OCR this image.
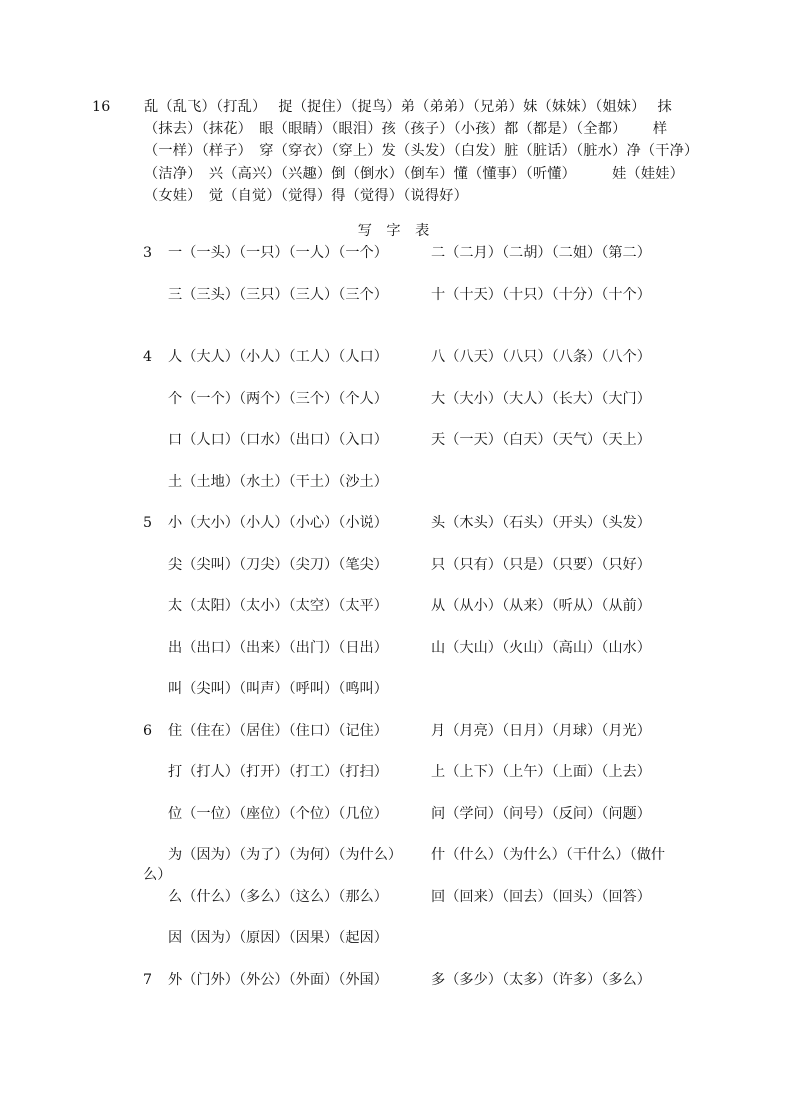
16 乱（乱飞）（打乱）　 捉（捉住）（捉鸟）弟（弟弟）（兄弟）妹（妹妹）（姐妹）　 抹（抹去）（抹花）　眼（眼睛）（眼泪）孩（孩子）（小孩）都（都是）（全都）　　 样（一样）（样子）　穿（穿衣）（穿上）发（头发）（白发）脏（脏话）（脏水）净（干净）（洁净）　兴（高兴）（兴趣）倒（倒水）（倒车）懂（懂事）（听懂）　　　娃（娃娃）（女娃）　觉（自觉）（觉得）得（觉得）（说得好）

写 字 表
3	一（一头）（一只）（一人）（一个）	二（二月）（二胡）（二姐）（第二）
三（三头）（三只）（三人）（三个）	十（十天）（十只）（十分）（十个）
4	人（大人）（小人）（工人）（人口）	八（八天）（八只）（八条）（八个）
个（一个）（两个）（三个）（个人）	大（大小）（大人）（长大）（大门）
口（人口）（口水）（出口）（入口）	天（一天）（白天）（天气）（天上）
土（土地）（水土）（干土）（沙土）
5	小（大小）（小人）（小心）（小说）	头（木头）（石头）（开头）（头发）
尖（尖叫）（刀尖）（尖刀）（笔尖）	只（只有）（只是）（只要）（只好）
太（太阳）（太小）（太空）（太平）	从（从小）（从来）（听从）（从前）
出（出口）（出来）（出门）（日出）	山（大山）（火山）（高山）（山水）
叫（尖叫）（叫声）（呼叫）（鸣叫）
6	住（住在）（居住）（住口）（记住）	月（月亮）（日月）（月球）（月光）
打（打人）（打开）（打工）（打扫）	上（上下）（上午）（上面）（上去）
位（一位）（座位）（个位）（几位）	问（学问）（问号）（反问）（问题）
为（因为）（为了）（为何）（为什么） 什（什么）（为什么）（干什么）（做什
么）
么（什么）（多么）（这么）（那么）	回（回来）（回去）（回头）（回答）
因（因为）（原因）（因果）（起因）
7	外（门外）（外公）（外面）（外国）	多（多少）（太多）（许多）（多么）
